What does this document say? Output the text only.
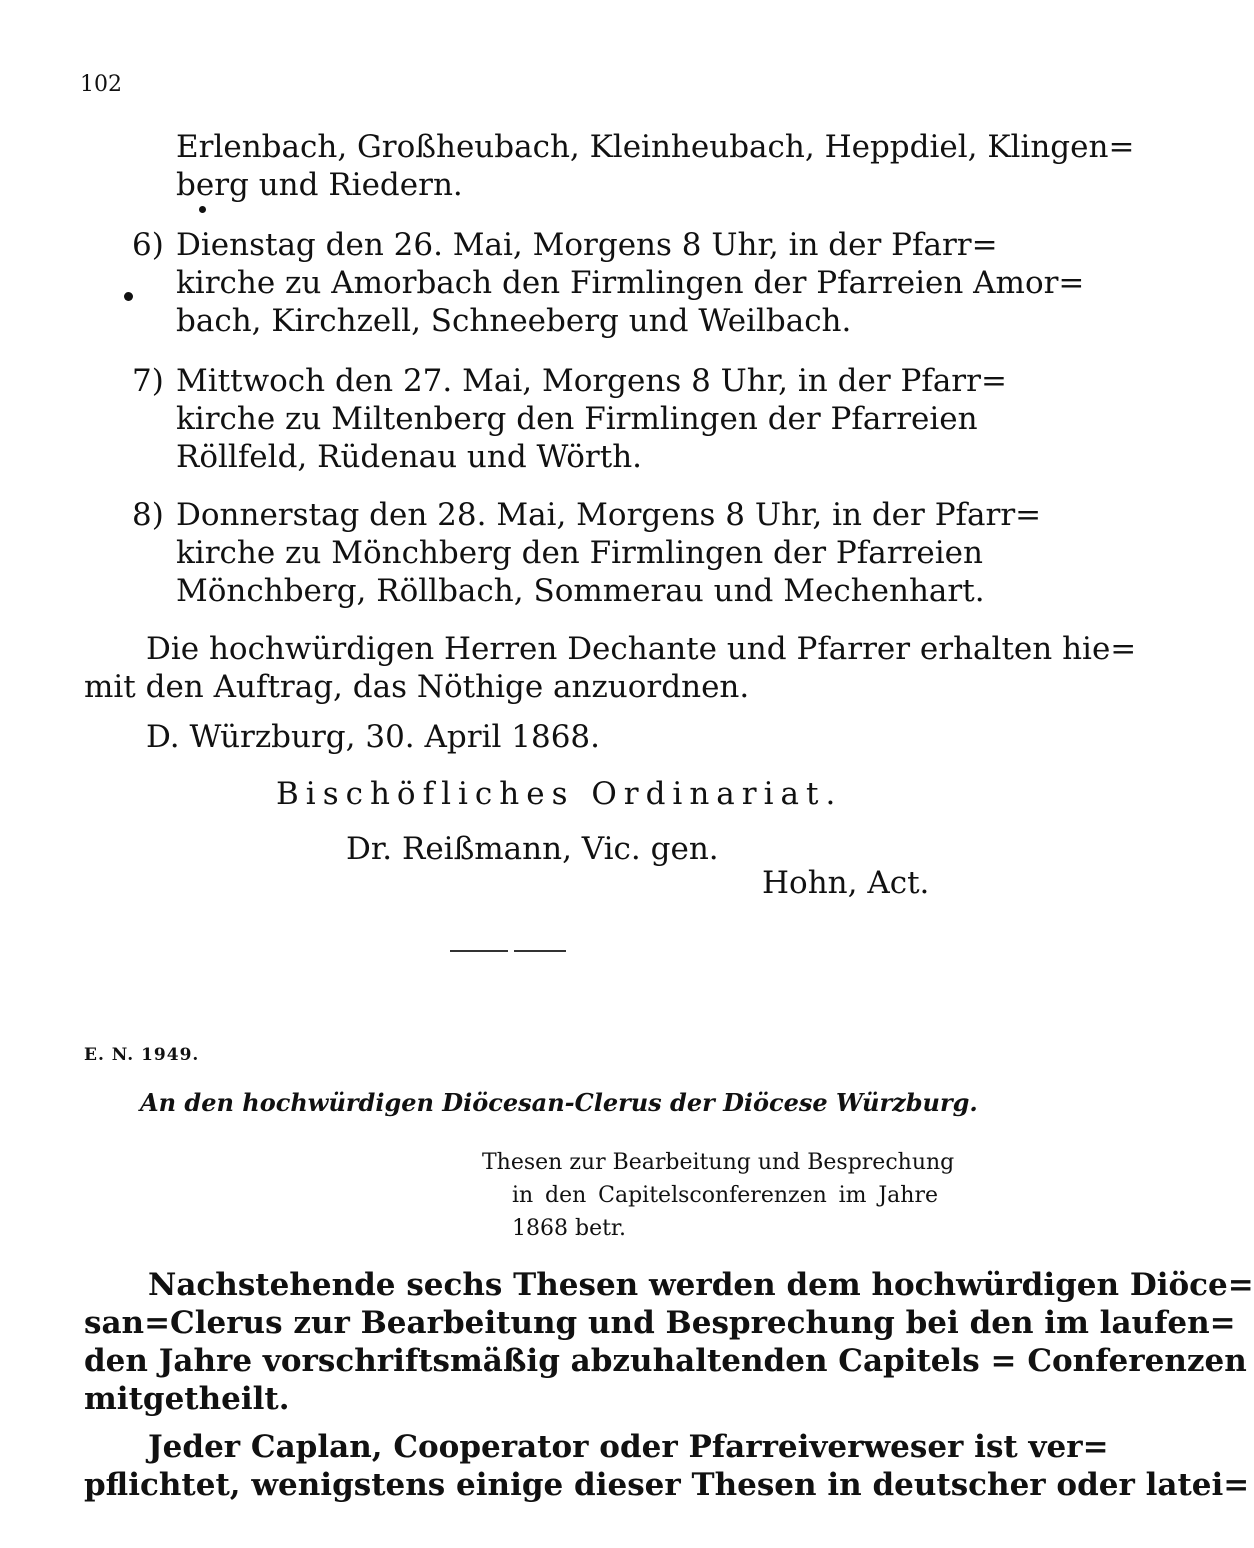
102
Erlenbach, Großheubach, Kleinheubach, Heppdiel, Klingen=
berg und Riedern.
6) Dienstag den 26. Mai, Morgens 8 Uhr, in der Pfarr=
kirche zu Amorbach den Firmlingen der Pfarreien Amor=
bach, Kirchzell, Schneeberg und Weilbach.
7) Mittwoch den 27. Mai, Morgens 8 Uhr, in der Pfarr=
kirche zu Miltenberg den Firmlingen der Pfarreien
Röllfeld, Rüdenau und Wörth.
8) Donnerstag den 28. Mai, Morgens 8 Uhr, in der Pfarr=
kirche zu Mönchberg den Firmlingen der Pfarreien
Mönchberg, Röllbach, Sommerau und Mechenhart.
Die hochwürdigen Herren Dechante und Pfarrer erhalten hie=
mit den Auftrag, das Nöthige anzuordnen.
D. Würzburg, 30. April 1868.
Bischöfliches Ordinariat.
Dr. Reißmann, Vic. gen.
Hohn, Act.
E. N. 1949.
An den hochwürdigen Diöcesan-Clerus der Diöcese Würzburg.
Thesen zur Bearbeitung und Besprechung
in den Capitelsconferenzen im Jahre
1868 betr.
Nachstehende sechs Thesen werden dem hochwürdigen Diöce=
san=Clerus zur Bearbeitung und Besprechung bei den im laufen=
den Jahre vorschriftsmäßig abzuhaltenden Capitels = Conferenzen
mitgetheilt.
Jeder Caplan, Cooperator oder Pfarreiverweser ist ver=
pflichtet, wenigstens einige dieser Thesen in deutscher oder latei=
